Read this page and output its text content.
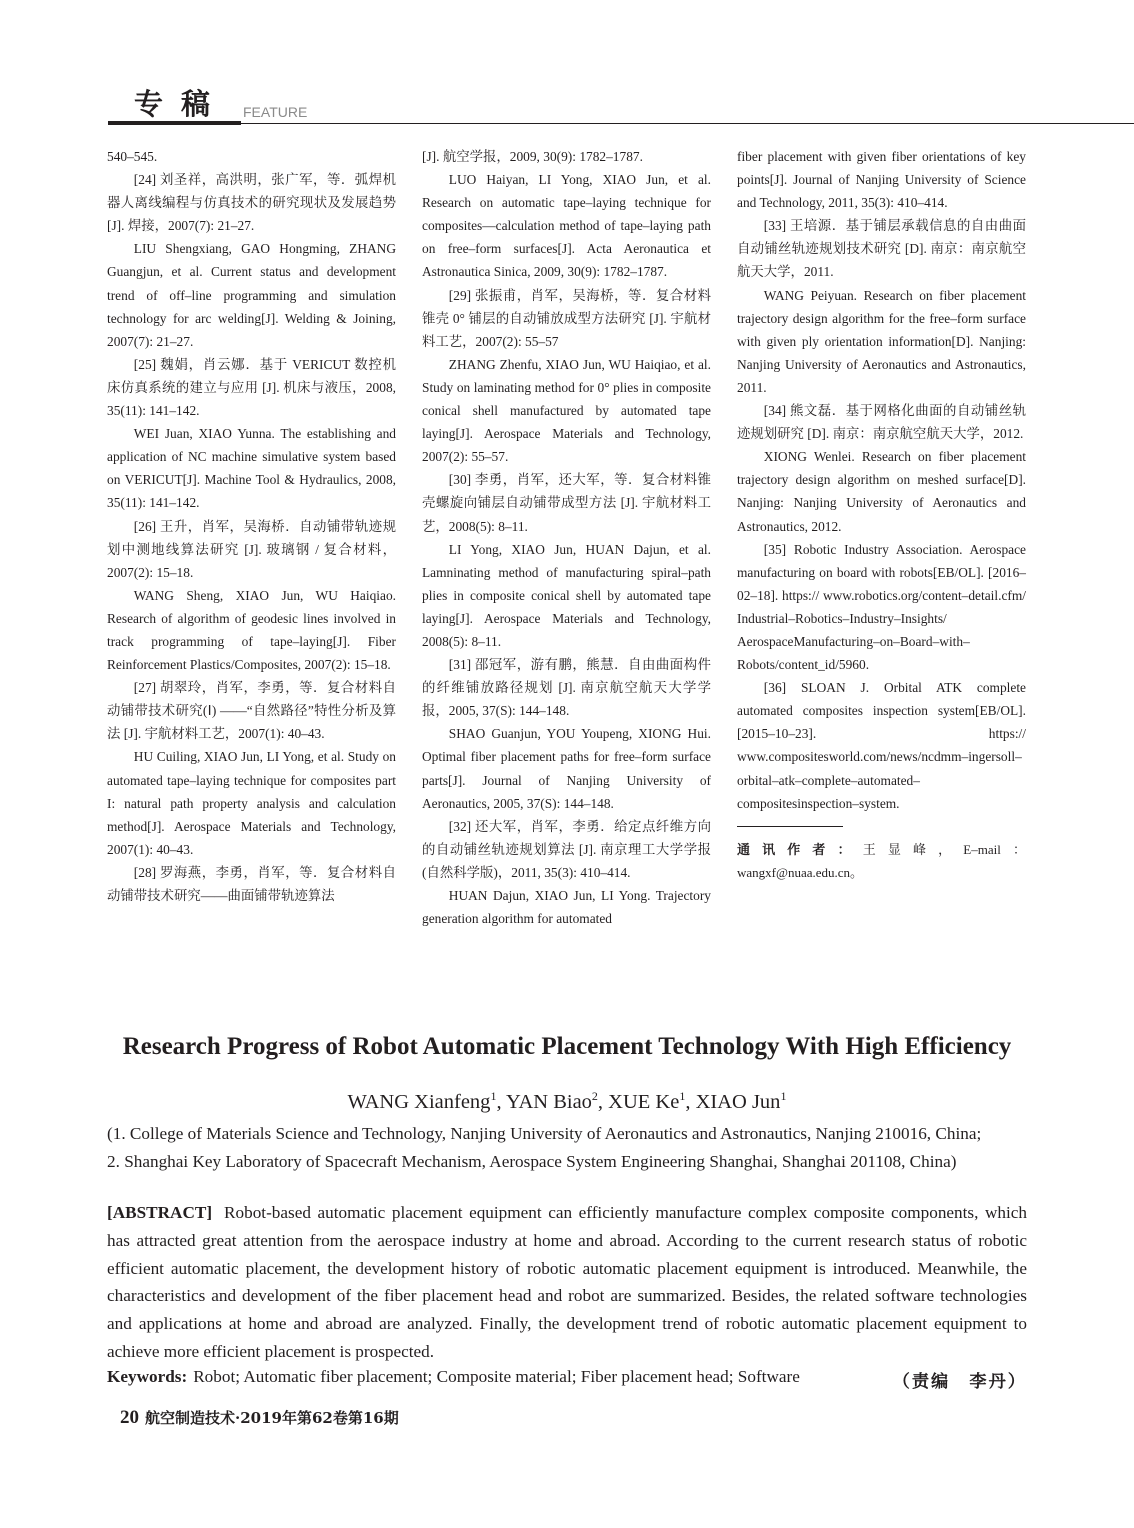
专稿 FEATURE

540–545.

[24] 刘圣祥，高洪明，张广军，等．弧焊机器人离线编程与仿真技术的研究现状及发展趋势 [J]. 焊接，2007(7): 21–27.

LIU Shengxiang, GAO Hongming, ZHANG Guangjun, et al. Current status and development trend of off–line programming and simulation technology for arc welding[J]. Welding & Joining, 2007(7): 21–27.

[25] 魏娟，肖云娜．基于 VERICUT 数控机床仿真系统的建立与应用 [J]. 机床与液压，2008, 35(11): 141–142.

WEI Juan, XIAO Yunna. The establishing and application of NC machine simulative system based on VERICUT[J]. Machine Tool & Hydraulics, 2008, 35(11): 141–142.

[26] 王升，肖军，吴海桥．自动铺带轨迹规划中测地线算法研究 [J]. 玻璃钢 / 复合材料，2007(2): 15–18.

WANG Sheng, XIAO Jun, WU Haiqiao. Research of algorithm of geodesic lines involved in track programming of tape–laying[J]. Fiber Reinforcement Plastics/Composites, 2007(2): 15–18.

[27] 胡翠玲，肖军，李勇，等．复合材料自动铺带技术研究(Ⅰ) ——“自然路径”特性分析及算法 [J]. 宇航材料工艺，2007(1): 40–43.

HU Cuiling, XIAO Jun, LI Yong, et al. Study on automated tape–laying technique for composites part I: natural path property analysis and calculation method[J]. Aerospace Materials and Technology, 2007(1): 40–43.

[28] 罗海燕，李勇，肖军，等．复合材料自动铺带技术研究——曲面铺带轨迹算法

[J]. 航空学报，2009, 30(9): 1782–1787.

LUO Haiyan, LI Yong, XIAO Jun, et al. Research on automatic tape–laying technique for composites—calculation method of tape–laying path on free–form surfaces[J]. Acta Aeronautica et Astronautica Sinica, 2009, 30(9): 1782–1787.

[29] 张振甫，肖军，吴海桥，等．复合材料锥壳 0° 铺层的自动铺放成型方法研究 [J]. 宇航材料工艺，2007(2): 55–57

ZHANG Zhenfu, XIAO Jun, WU Haiqiao, et al. Study on laminating method for 0° plies in composite conical shell manufactured by automated tape laying[J]. Aerospace Materials and Technology, 2007(2): 55–57.

[30] 李勇，肖军，还大军，等．复合材料锥壳螺旋向铺层自动铺带成型方法 [J]. 宇航材料工艺，2008(5): 8–11.

LI Yong, XIAO Jun, HUAN Dajun, et al. Lamninating method of manufacturing spiral–path plies in composite conical shell by automated tape laying[J]. Aerospace Materials and Technology, 2008(5): 8–11.

[31] 邵冠军，游有鹏，熊慧．自由曲面构件的纤维铺放路径规划 [J]. 南京航空航天大学学报，2005, 37(S): 144–148.

SHAO Guanjun, YOU Youpeng, XIONG Hui. Optimal fiber placement paths for free–form surface parts[J]. Journal of Nanjing University of Aeronautics, 2005, 37(S): 144–148.

[32] 还大军，肖军，李勇．给定点纤维方向的自动铺丝轨迹规划算法 [J]. 南京理工大学学报(自然科学版)，2011, 35(3): 410–414.

HUAN Dajun, XIAO Jun, LI Yong. Trajectory generation algorithm for automated

fiber placement with given fiber orientations of key points[J]. Journal of Nanjing University of Science and Technology, 2011, 35(3): 410–414.

[33] 王培源．基于铺层承载信息的自由曲面自动铺丝轨迹规划技术研究 [D]. 南京：南京航空航天大学，2011.

WANG Peiyuan. Research on fiber placement trajectory design algorithm for the free–form surface with given ply orientation information[D]. Nanjing: Nanjing University of Aeronautics and Astronautics, 2011.

[34] 熊文磊．基于网格化曲面的自动铺丝轨迹规划研究 [D]. 南京：南京航空航天大学，2012.

XIONG Wenlei. Research on fiber placement trajectory design algorithm on meshed surface[D]. Nanjing: Nanjing University of Aeronautics and Astronautics, 2012.

[35] Robotic Industry Association. Aerospace manufacturing on board with robots[EB/OL]. [2016–02–18]. https:// www.robotics.org/content–detail.cfm/ Industrial–Robotics–Industry–Insights/ AerospaceManufacturing–on–Board–with–Robots/content_id/5960.

[36] SLOAN J. Orbital ATK complete automated composites inspection system[EB/OL]. [2015–10–23]. https:// www.compositesworld.com/news/ncdmm–ingersoll–orbital–atk–complete–automated–compositesinspection–system.

通讯作者：王显峰，E–mail：wangxf@nuaa.edu.cn。

Research Progress of Robot Automatic Placement Technology With High Efficiency
WANG Xianfeng$^1$, YAN Biao$^2$, XUE Ke$^1$, XIAO Jun$^1$
(1. College of Materials Science and Technology, Nanjing University of Aeronautics and Astronautics, Nanjing 210016, China;
2. Shanghai Key Laboratory of Spacecraft Mechanism, Aerospace System Engineering Shanghai, Shanghai 201108, China)

[ABSTRACT] Robot-based automatic placement equipment can efficiently manufacture complex composite components, which has attracted great attention from the aerospace industry at home and abroad. According to the current research status of robotic efficient automatic placement, the development history of robotic automatic placement equipment is introduced. Meanwhile, the characteristics and development of the fiber placement head and robot are summarized. Besides, the related software technologies and applications at home and abroad are analyzed. Finally, the development trend of robotic automatic placement equipment to achieve more efficient placement is prospected.

Keywords: Robot; Automatic fiber placement; Composite material; Fiber placement head; Software	（责编　李丹）
20 航空制造技术·2019年第62卷第16期
